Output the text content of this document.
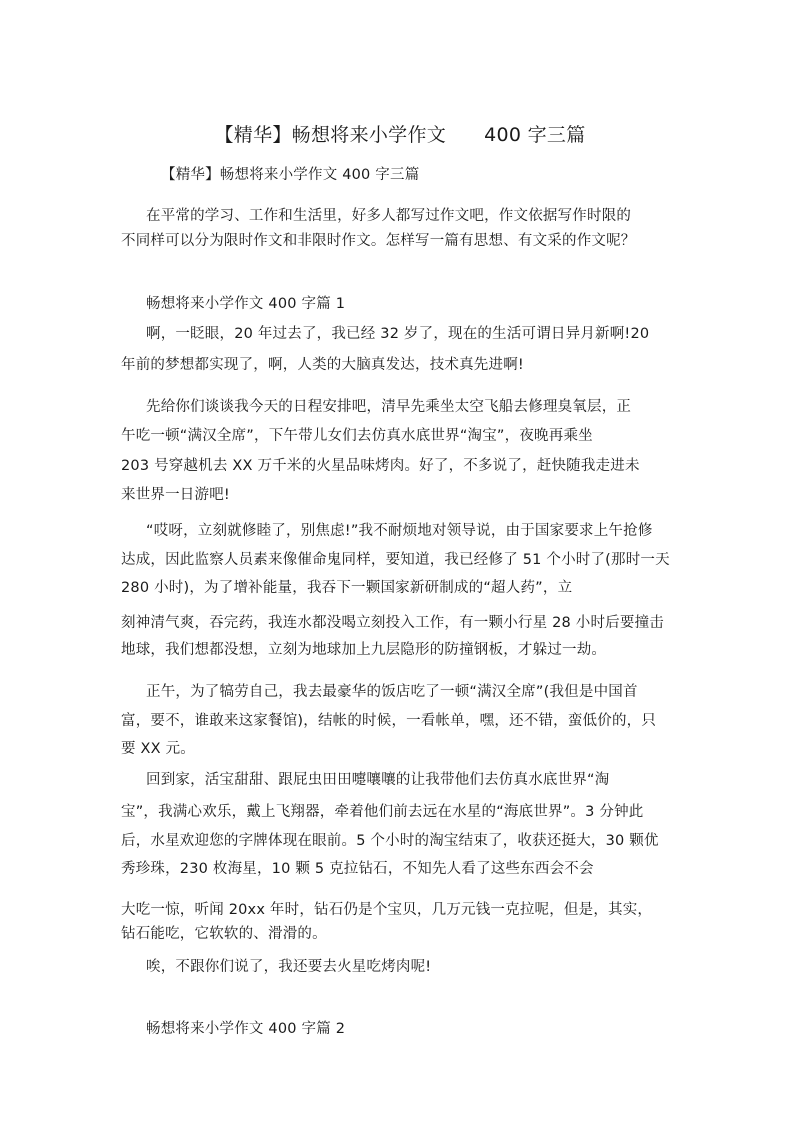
【精华】畅想将来小学作文      400 字三篇
【精华】畅想将来小学作文 400 字三篇
在平常的学习、工作和生活里，好多人都写过作文吧，作文依据写作时限的
不同样可以分为限时作文和非限时作文。怎样写一篇有思想、有文采的作文呢？
畅想将来小学作文 400 字篇 1
啊，一眨眼，20 年过去了，我已经 32 岁了，现在的生活可谓日异月新啊!20
年前的梦想都实现了，啊，人类的大脑真发达，技术真先进啊!
先给你们谈谈我今天的日程安排吧，清早先乘坐太空飞船去修理臭氧层，正
午吃一顿“满汉全席”，下午带儿女们去仿真水底世界“淘宝”，夜晚再乘坐
203 号穿越机去 XX 万千米的火星品味烤肉。好了，不多说了，赶快随我走进未
来世界一日游吧!
“哎呀，立刻就修睦了，别焦虑!”我不耐烦地对领导说，由于国家要求上午抢修
达成，因此监察人员素来像催命鬼同样，要知道，我已经修了 51 个小时了(那时一天
280 小时)，为了增补能量，我吞下一颗国家新研制成的“超人药”，立
刻神清气爽，吞完药，我连水都没喝立刻投入工作，有一颗小行星 28 小时后要撞击
地球，我们想都没想，立刻为地球加上九层隐形的防撞钢板，才躲过一劫。
正午，为了犒劳自己，我去最豪华的饭店吃了一顿“满汉全席”(我但是中国首
富，要不，谁敢来这家餐馆)，结帐的时候，一看帐单，嘿，还不错，蛮低价的，只
要 XX 元。
回到家，活宝甜甜、跟屁虫田田嚏嚷嚷的让我带他们去仿真水底世界“淘
宝”，我满心欢乐，戴上飞翔器，牵着他们前去远在水星的“海底世界”。3 分钟此
后，水星欢迎您的字牌体现在眼前。5 个小时的淘宝结束了，收获还挺大，30 颗优
秀珍珠，230 枚海星，10 颗 5 克拉钻石，不知先人看了这些东西会不会
大吃一惊，听闻 20xx 年时，钻石仍是个宝贝，几万元钱一克拉呢，但是，其实，
钻石能吃，它软软的、滑滑的。
唉，不跟你们说了，我还要去火星吃烤肉呢!
畅想将来小学作文 400 字篇 2
